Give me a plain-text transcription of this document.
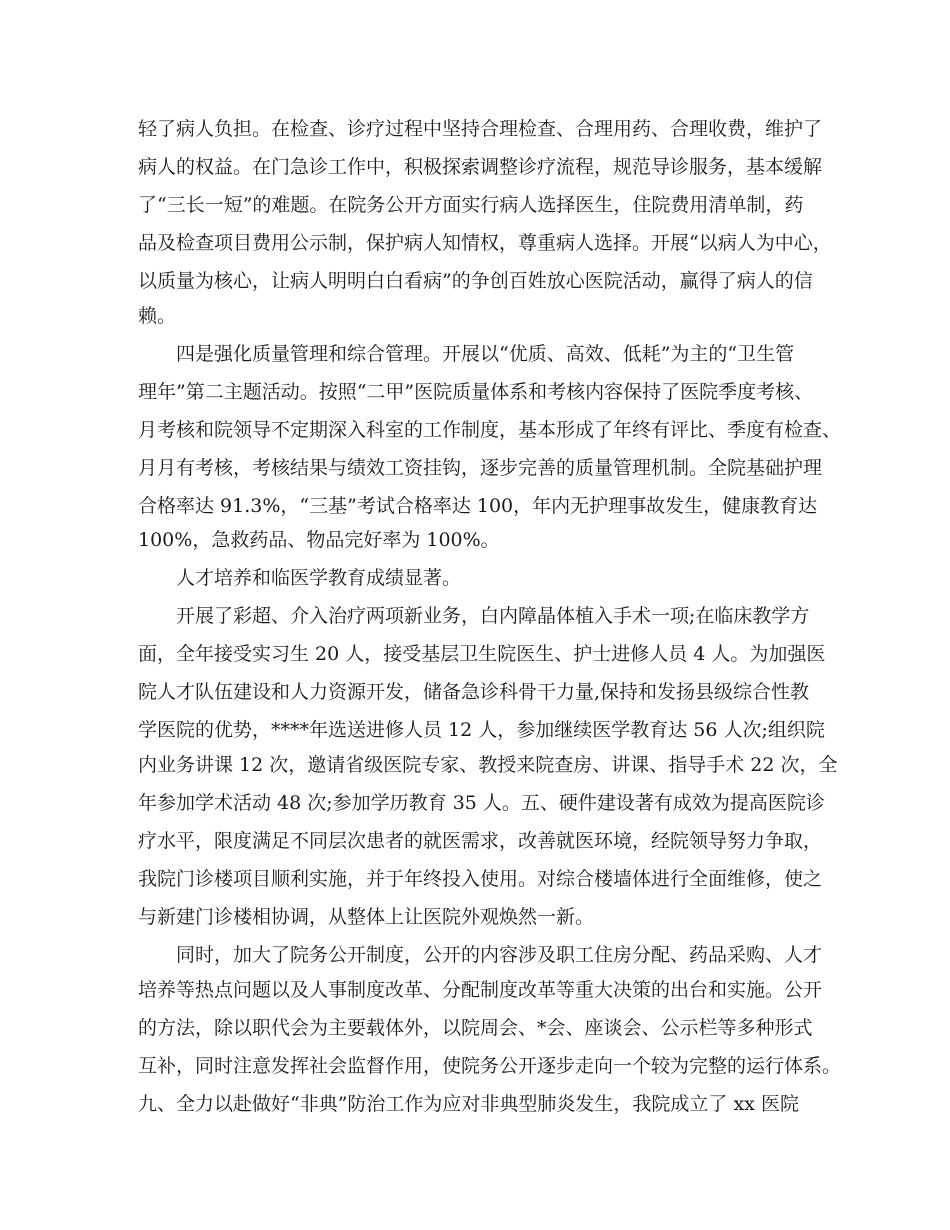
轻了病人负担。在检查、诊疗过程中坚持合理检查、合理用药、合理收费，维护了
病人的权益。在门急诊工作中，积极探索调整诊疗流程，规范导诊服务，基本缓解
了“三长一短”的难题。在院务公开方面实行病人选择医生，住院费用清单制，药
品及检查项目费用公示制，保护病人知情权，尊重病人选择。开展“以病人为中心，
以质量为核心，让病人明明白白看病”的争创百姓放心医院活动，赢得了病人的信
赖。
四是强化质量管理和综合管理。开展以“优质、高效、低耗”为主的“卫生管
理年”第二主题活动。按照“二甲”医院质量体系和考核内容保持了医院季度考核、
月考核和院领导不定期深入科室的工作制度，基本形成了年终有评比、季度有检查、
月月有考核，考核结果与绩效工资挂钩，逐步完善的质量管理机制。全院基础护理
合格率达 91.3%，“三基”考试合格率达 100，年内无护理事故发生，健康教育达
100%，急救药品、物品完好率为 100%。
人才培养和临医学教育成绩显著。
开展了彩超、介入治疗两项新业务，白内障晶体植入手术一项;在临床教学方
面，全年接受实习生 20 人，接受基层卫生院医生、护士进修人员 4 人。为加强医
院人才队伍建设和人力资源开发，储备急诊科骨干力量,保持和发扬县级综合性教
学医院的优势，****年选送进修人员 12 人，参加继续医学教育达 56 人次;组织院
内业务讲课 12 次，邀请省级医院专家、教授来院查房、讲课、指导手术 22 次，全
年参加学术活动 48 次;参加学历教育 35 人。五、硬件建设著有成效为提高医院诊
疗水平，限度满足不同层次患者的就医需求，改善就医环境，经院领导努力争取，
我院门诊楼项目顺利实施，并于年终投入使用。对综合楼墙体进行全面维修，使之
与新建门诊楼相协调，从整体上让医院外观焕然一新。
同时，加大了院务公开制度，公开的内容涉及职工住房分配、药品采购、人才
培养等热点问题以及人事制度改革、分配制度改革等重大决策的出台和实施。公开
的方法，除以职代会为主要载体外，以院周会、*会、座谈会、公示栏等多种形式
互补，同时注意发挥社会监督作用，使院务公开逐步走向一个较为完整的运行体系。
九、全力以赴做好“非典”防治工作为应对非典型肺炎发生，我院成立了 xx 医院
